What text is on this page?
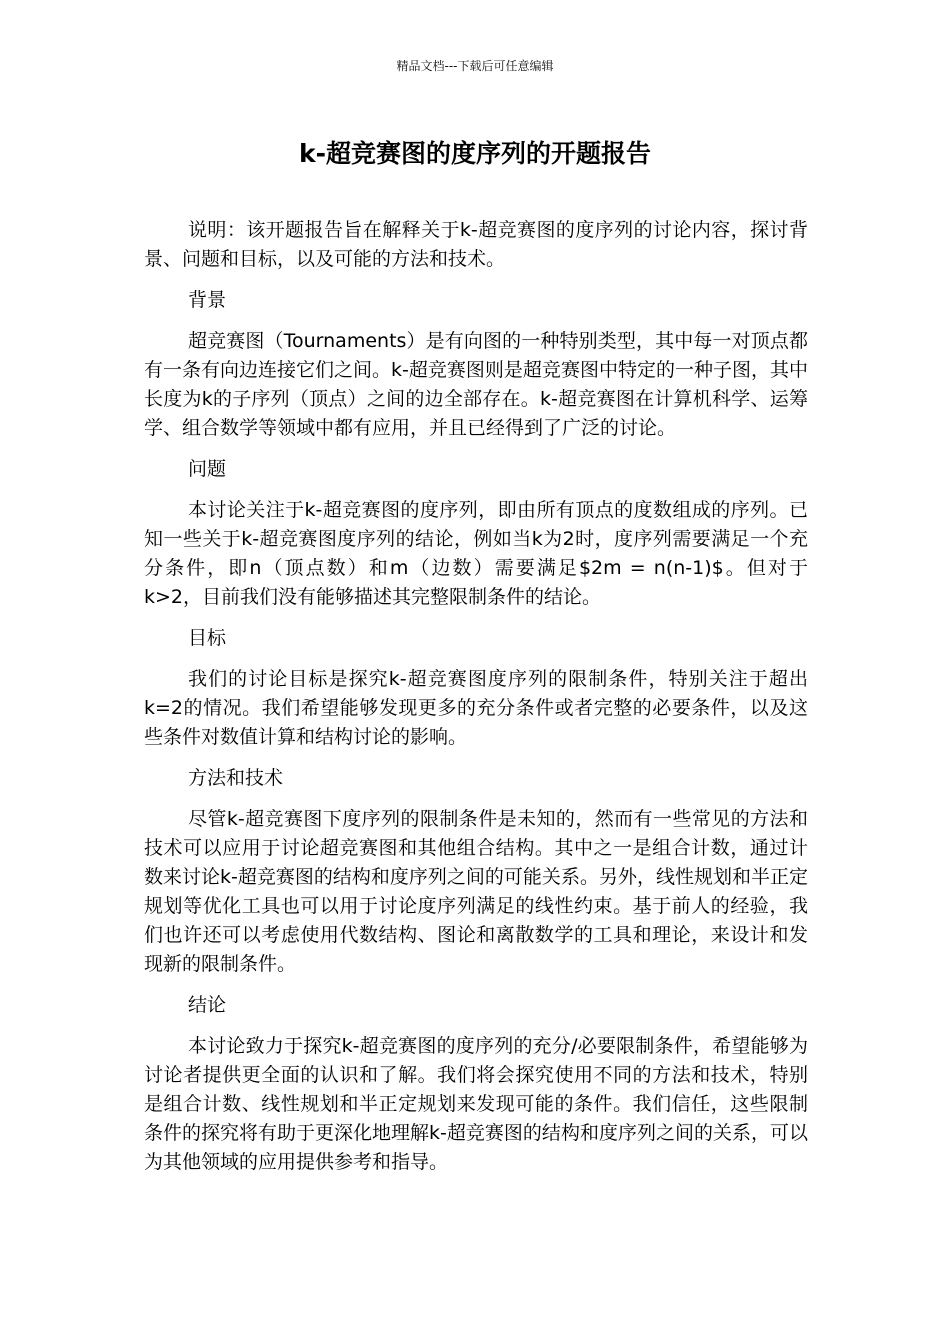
精品文档---下载后可任意编辑
k-超竞赛图的度序列的开题报告

说明：该开题报告旨在解释关于k-超竞赛图的度序列的讨论内容，探讨背景、问题和目标，以及可能的方法和技术。

背景

超竞赛图（Tournaments）是有向图的一种特别类型，其中每一对顶点都有一条有向边连接它们之间。k-超竞赛图则是超竞赛图中特定的一种子图，其中长度为k的子序列（顶点）之间的边全部存在。k-超竞赛图在计算机科学、运筹学、组合数学等领域中都有应用，并且已经得到了广泛的讨论。

问题

本讨论关注于k-超竞赛图的度序列，即由所有顶点的度数组成的序列。已知一些关于k-超竞赛图度序列的结论，例如当k为2时，度序列需要满足一个充分条件，即n（顶点数）和m（边数）需要满足$2m = n(n-1)$。但对于k>2，目前我们没有能够描述其完整限制条件的结论。

目标

我们的讨论目标是探究k-超竞赛图度序列的限制条件，特别关注于超出k=2的情况。我们希望能够发现更多的充分条件或者完整的必要条件，以及这些条件对数值计算和结构讨论的影响。

方法和技术

尽管k-超竞赛图下度序列的限制条件是未知的，然而有一些常见的方法和技术可以应用于讨论超竞赛图和其他组合结构。其中之一是组合计数，通过计数来讨论k-超竞赛图的结构和度序列之间的可能关系。另外，线性规划和半正定规划等优化工具也可以用于讨论度序列满足的线性约束。基于前人的经验，我们也许还可以考虑使用代数结构、图论和离散数学的工具和理论，来设计和发现新的限制条件。

结论

本讨论致力于探究k-超竞赛图的度序列的充分/必要限制条件，希望能够为讨论者提供更全面的认识和了解。我们将会探究使用不同的方法和技术，特别是组合计数、线性规划和半正定规划来发现可能的条件。我们信任，这些限制条件的探究将有助于更深化地理解k-超竞赛图的结构和度序列之间的关系，可以为其他领域的应用提供参考和指导。
